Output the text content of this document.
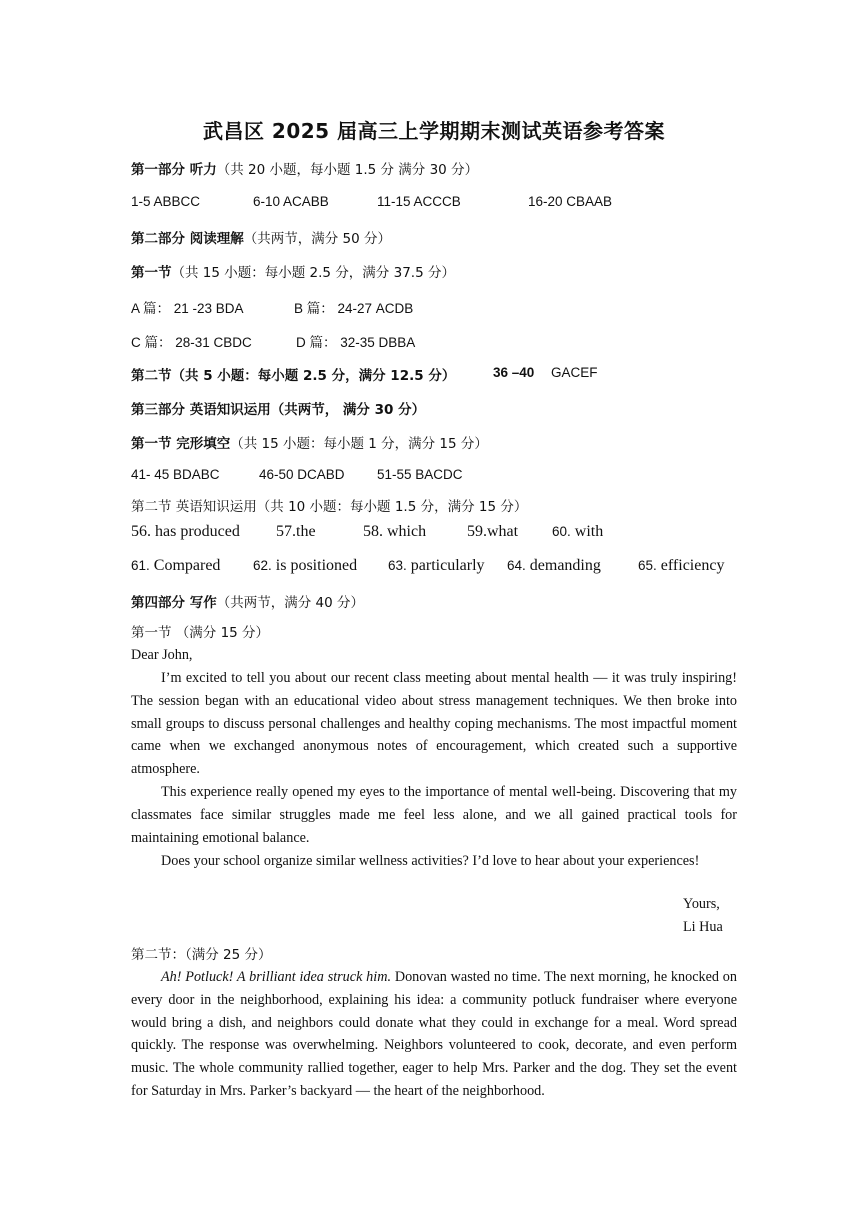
武昌区 2025 届高三上学期期末测试英语参考答案
第一部分 听力（共 20 小题，每小题 1.5 分 满分 30 分）
1-5 ABBCC	6-10 ACABB	11-15 ACCCB	16-20 CBAAB
第二部分 阅读理解（共两节，满分 50 分）
第一节（共 15 小题：每小题 2.5 分，满分 37.5 分）
A 篇： 21 -23 BDA	B 篇： 24-27 ACDB
C 篇： 28-31 CBDC	D 篇： 32-35 DBBA
第二节（共 5 小题：每小题 2.5 分，满分 12.5 分）	36 –40 GACEF
第三部分 英语知识运用（共两节， 满分 30 分）
第一节 完形填空（共 15 小题：每小题 1 分，满分 15 分）
41- 45 BDABC	46-50 DCABD 51-55 BACDC
第二节 英语知识运用（共 10 小题：每小题 1.5 分，满分 15 分）
56. has produced 57.the	58. which	59.what	60. with
61. Compared 62. is positioned 63. particularly 64. demanding	65. efficiency
第四部分 写作（共两节，满分 40 分）
第一节 （满分 15 分）

Dear John,

I’m excited to tell you about our recent class meeting about mental health — it was truly inspiring! The session began with an educational video about stress management techniques. We then broke into small groups to discuss personal challenges and healthy coping mechanisms. The most impactful moment came when we exchanged anonymous notes of encouragement, which created such a supportive atmosphere.

This experience really opened my eyes to the importance of mental well-being. Discovering that my classmates face similar struggles made me feel less alone, and we all gained practical tools for maintaining emotional balance.

Does your school organize similar wellness activities? I’d love to hear about your experiences!

Yours,
Li Hua
第二节：（满分 25 分）

Ah! Potluck! A brilliant idea struck him. Donovan wasted no time. The next morning, he knocked on every door in the neighborhood, explaining his idea: a community potluck fundraiser where everyone would bring a dish, and neighbors could donate what they could in exchange for a meal. Word spread quickly. The response was overwhelming. Neighbors volunteered to cook, decorate, and even perform music. The whole community rallied together, eager to help Mrs. Parker and the dog. They set the event for Saturday in Mrs. Parker’s backyard — the heart of the neighborhood.
